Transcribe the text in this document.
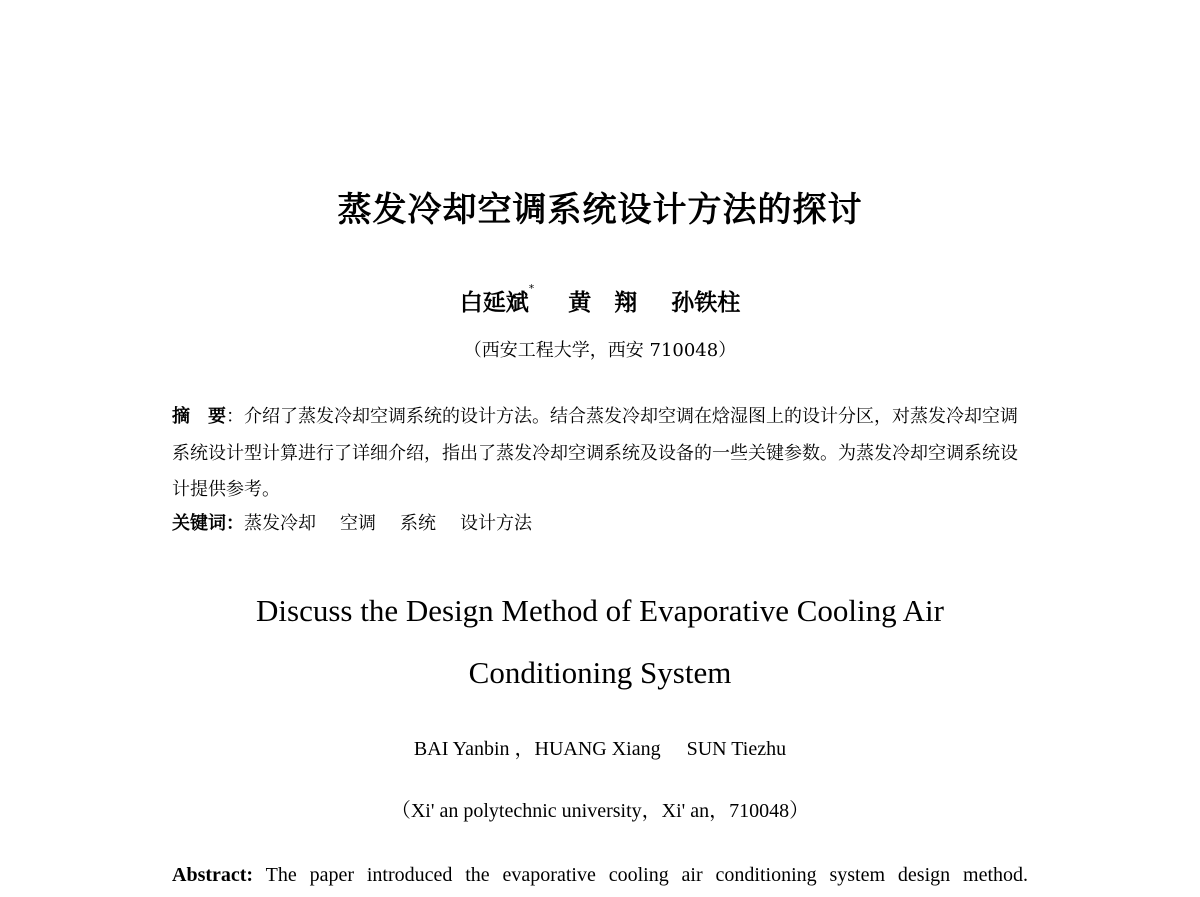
蒸发冷却空调系统设计方法的探讨
白延斌* 黄　翔 孙铁柱
（西安工程大学，西安 710048）
摘　要：介绍了蒸发冷却空调系统的设计方法。结合蒸发冷却空调在焓湿图上的设计分区，对蒸发冷却空调系统设计型计算进行了详细介绍，指出了蒸发冷却空调系统及设备的一些关键参数。为蒸发冷却空调系统设计提供参考。
关键词：蒸发冷却 空调 系统 设计方法
Discuss the Design Method of Evaporative Cooling Air
Conditioning System
BAI Yanbin ，HUANG Xiang SUN Tiezhu
（Xi' an polytechnic university，Xi' an，710048）
Abstract: The paper introduced the evaporative cooling air conditioning system design method.
